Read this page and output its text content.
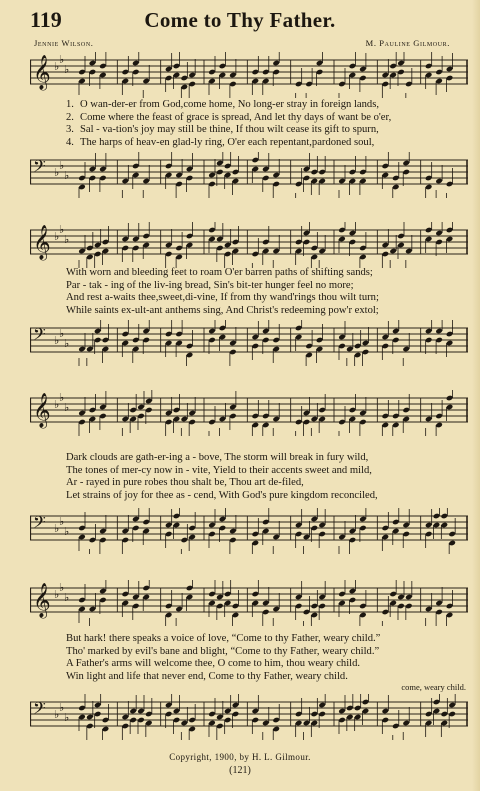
119	Come to Thy Father.
Jennie Wilson.	M. Pauline Gilmour.
𝄞 ♭
♭
♭
1. O wan-der-er from God,come home, No long-er stray in foreign lands,
2. Come where the feast of grace is spread, And let thy days of want be o'er,
3. Sal - va-tion's joy may still be thine, If thou wilt cease its gift to spurn,
4. The harps of heav-en glad-ly ring, O'er each repentant,pardoned soul,
𝄢 ♭
♭
♭
𝄞 ♭
♭
♭
With worn and bleeding feet to roam O'er barren paths of shifting sands;
Par - tak - ing of the liv-ing bread, Sin's bit-ter hunger feel no more;
And rest a-waits thee,sweet,di-vine, If from thy wand'rings thou wilt turn;
While saints ex-ult-ant anthems sing, And Christ's redeeming pow'r extol;
𝄢 ♭
♭
♭
𝄞 ♭
♭
♭
Dark clouds are gath-er-ing a - bove, The storm will break in fury wild,
The tones of mer-cy now in - vite, Yield to their accents sweet and mild,
Ar - rayed in pure robes thou shalt be, Thou art de-filed,
Let strains of joy for thee as - cend, With God's pure kingdom reconciled,
𝄢 ♭
♭
♭
𝄞 ♭
♭
♭
But hark! there speaks a voice of love, “Come to thy Father, weary child.”
Tho' marked by evil's bane and blight, “Come to thy Father, weary child.”
A Father's arms will welcome thee, O come to him, thou weary child.
Win light and life that never end, Come to thy Father, weary child.
come, weary child.
𝄢 ♭
♭
♭
Copyright, 1900, by H. L. Gilmour.
(121)
